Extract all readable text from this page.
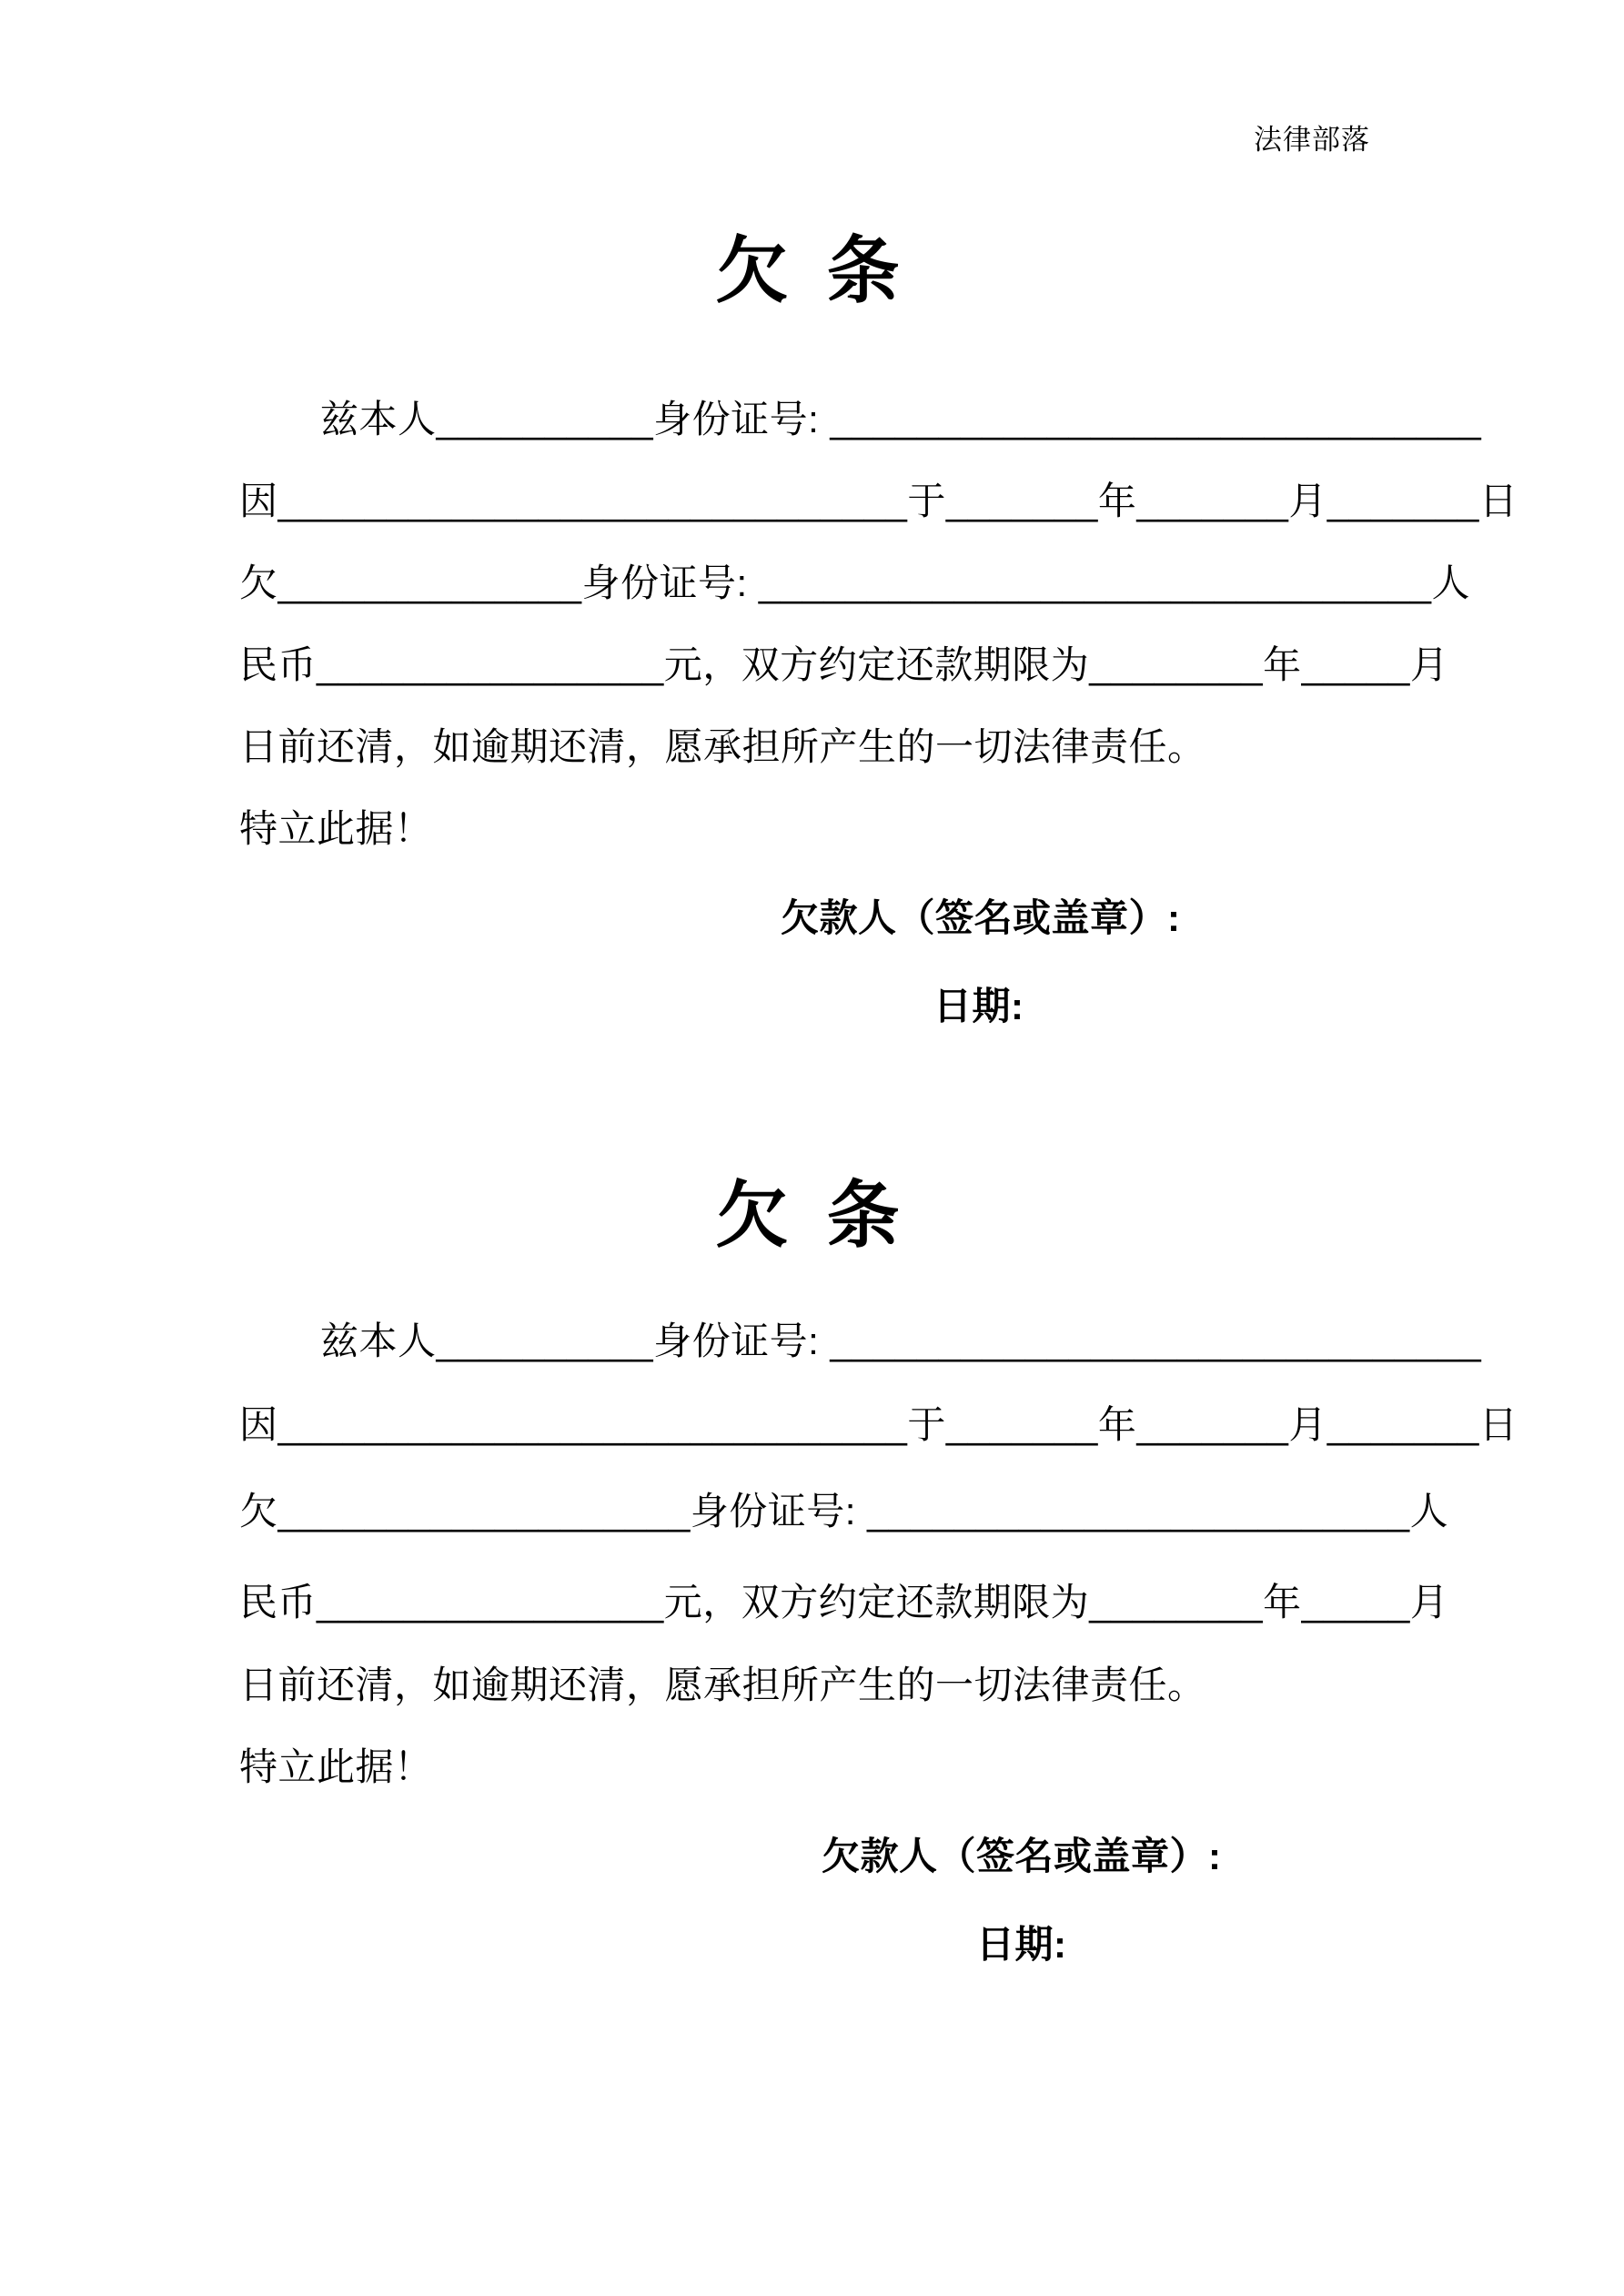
法律部落
欠 条
兹本人__________身份证号: ______________________________
因_____________________________于_______年_______月_______日
欠______________身份证号: _______________________________人
民币________________元，双方约定还款期限为________年_____月
日前还清，如逾期还清，愿承担所产生的一切法律责任。
特立此据！
欠款人（签名或盖章）:
日期:
欠 条
兹本人__________身份证号: ______________________________
因_____________________________于_______年_______月_______日
欠___________________身份证号: _________________________人
民币________________元，双方约定还款期限为________年_____月
日前还清，如逾期还清，愿承担所产生的一切法律责任。
特立此据！
欠款人（签名或盖章）:
日期:
